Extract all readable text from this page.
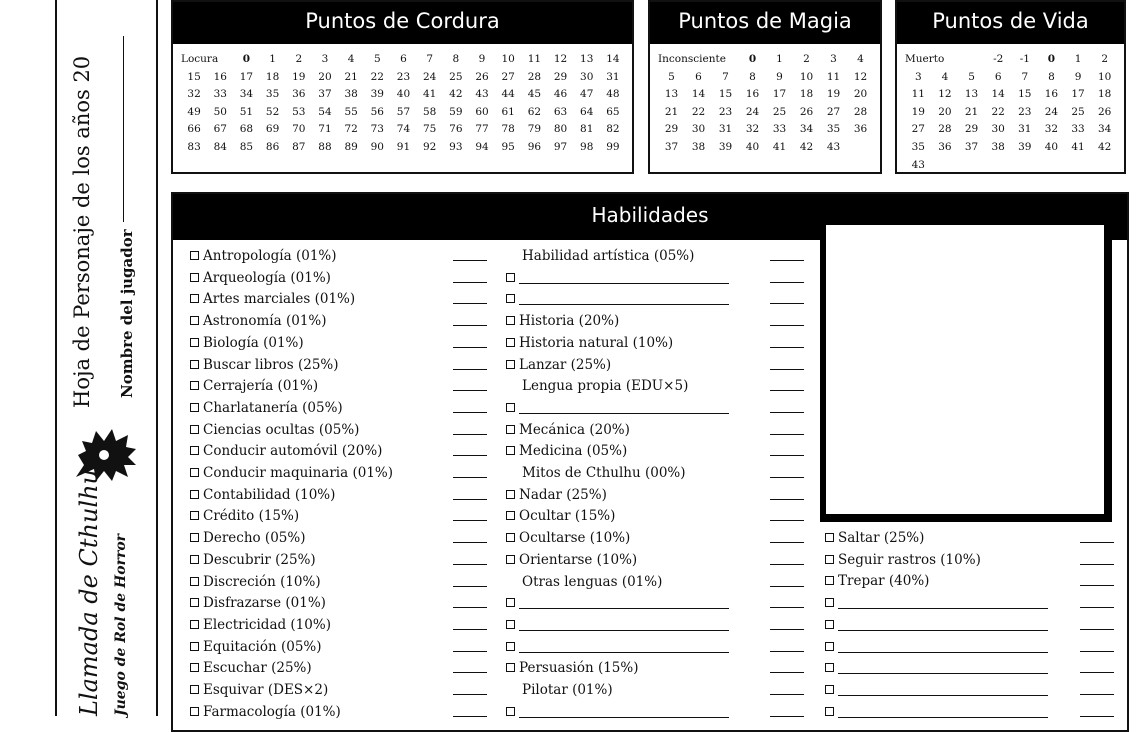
Hoja de Personaje de los años 20 Nombre del jugador
Llamada de Cthulhu Juego de Rol de Horror
Puntos de Cordura
Locura	0	1	2	3	4	5	6	7	8	9	10	11	12	13	14
15	16	17	18	19	20	21	22	23	24	25	26	27	28	29	30	31
32	33	34	35	36	37	38	39	40	41	42	43	44	45	46	47	48
49	50	51	52	53	54	55	56	57	58	59	60	61	62	63	64	65
66	67	68	69	70	71	72	73	74	75	76	77	78	79	80	81	82
83	84	85	86	87	88	89	90	91	92	93	94	95	96	97	98	99
Puntos de Magia
Inconsciente	0	1	2	3	4
5	6	7	8	9	10	11	12
13	14	15	16	17	18	19	20
21	22	23	24	25	26	27	28
29	30	31	32	33	34	35	36
37	38	39	40	41	42	43
Puntos de Vida
Muerto	-2	-1	0	1	2
3	4	5	6	7	8	9	10
11	12	13	14	15	16	17	18
19	20	21	22	23	24	25	26
27	28	29	30	31	32	33	34
35	36	37	38	39	40	41	42
43
Habilidades
Antropología (01%)
Arqueología (01%)
Artes marciales (01%)
Astronomía (01%)
Biología (01%)
Buscar libros (25%)
Cerrajería (01%)
Charlatanería (05%)
Ciencias ocultas (05%)
Conducir automóvil (20%)
Conducir maquinaria (01%)
Contabilidad (10%)
Crédito (15%)
Derecho (05%)
Descubrir (25%)
Discreción (10%)
Disfrazarse (01%)
Electricidad (10%)
Equitación (05%)
Escuchar (25%)
Esquivar (DES×2)
Farmacología (01%)
Habilidad artística (05%)
Historia (20%)
Historia natural (10%)
Lanzar (25%)
Lengua propia (EDU×5)
Mecánica (20%)
Medicina (05%)
Mitos de Cthulhu (00%)
Nadar (25%)
Ocultar (15%)
Ocultarse (10%)
Orientarse (10%)
Otras lenguas (01%)
Persuasión (15%)
Pilotar (01%)
Saltar (25%)
Seguir rastros (10%)
Trepar (40%)
